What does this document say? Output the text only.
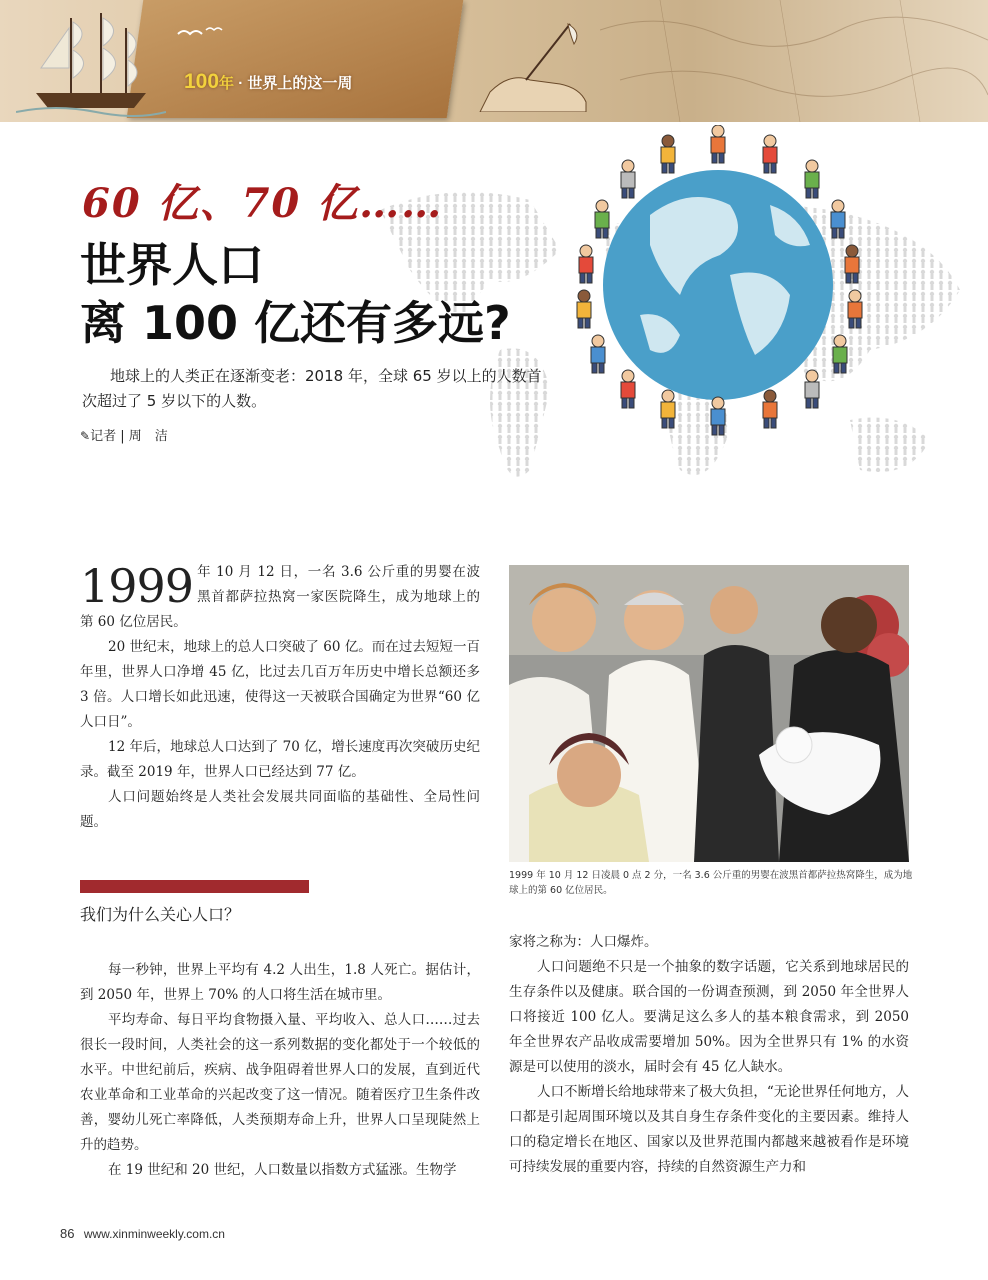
100年 · 世界上的这一周
60 亿、70 亿……
世界人口
离 100 亿还有多远?
地球上的人类正在逐渐变老：2018 年，全球 65 岁以上的人数首次超过了 5 岁以下的人数。
✎记者 | 周　洁

1999 年 10 月 12 日，一名 3.6 公斤重的男婴在波黑首都萨拉热窝一家医院降生，成为地球上的第 60 亿位居民。

20 世纪末，地球上的总人口突破了 60 亿。而在过去短短一百年里，世界人口净增 45 亿，比过去几百万年历史中增长总额还多 3 倍。人口增长如此迅速，使得这一天被联合国确定为世界“60 亿人口日”。

12 年后，地球总人口达到了 70 亿，增长速度再次突破历史纪录。截至 2019 年，世界人口已经达到 77 亿。

人口问题始终是人类社会发展共同面临的基础性、全局性问题。

1999 年 10 月 12 日凌晨 0 点 2 分，一名 3.6 公斤重的男婴在波黑首都萨拉热窝降生，成为地球上的第 60 亿位居民。
我们为什么关心人口？

每一秒钟，世界上平均有 4.2 人出生，1.8 人死亡。据估计，到 2050 年，世界上 70% 的人口将生活在城市里。

平均寿命、每日平均食物摄入量、平均收入、总人口……过去很长一段时间，人类社会的这一系列数据的变化都处于一个较低的水平。中世纪前后，疾病、战争阻碍着世界人口的发展，直到近代农业革命和工业革命的兴起改变了这一情况。随着医疗卫生条件改善，婴幼儿死亡率降低，人类预期寿命上升，世界人口呈现陡然上升的趋势。

在 19 世纪和 20 世纪，人口数量以指数方式猛涨。生物学

家将之称为：人口爆炸。

人口问题绝不只是一个抽象的数字话题，它关系到地球居民的生存条件以及健康。联合国的一份调查预测，到 2050 年全世界人口将接近 100 亿人。要满足这么多人的基本粮食需求，到 2050 年全世界农产品收成需要增加 50%。因为全世界只有 1% 的水资源是可以使用的淡水，届时会有 45 亿人缺水。

人口不断增长给地球带来了极大负担，“无论世界任何地方，人口都是引起周围环境以及其自身生存条件变化的主要因素。维持人口的稳定增长在地区、国家以及世界范围内都越来越被看作是环境可持续发展的重要内容，持续的自然资源生产力和

86 www.xinminweekly.com.cn
